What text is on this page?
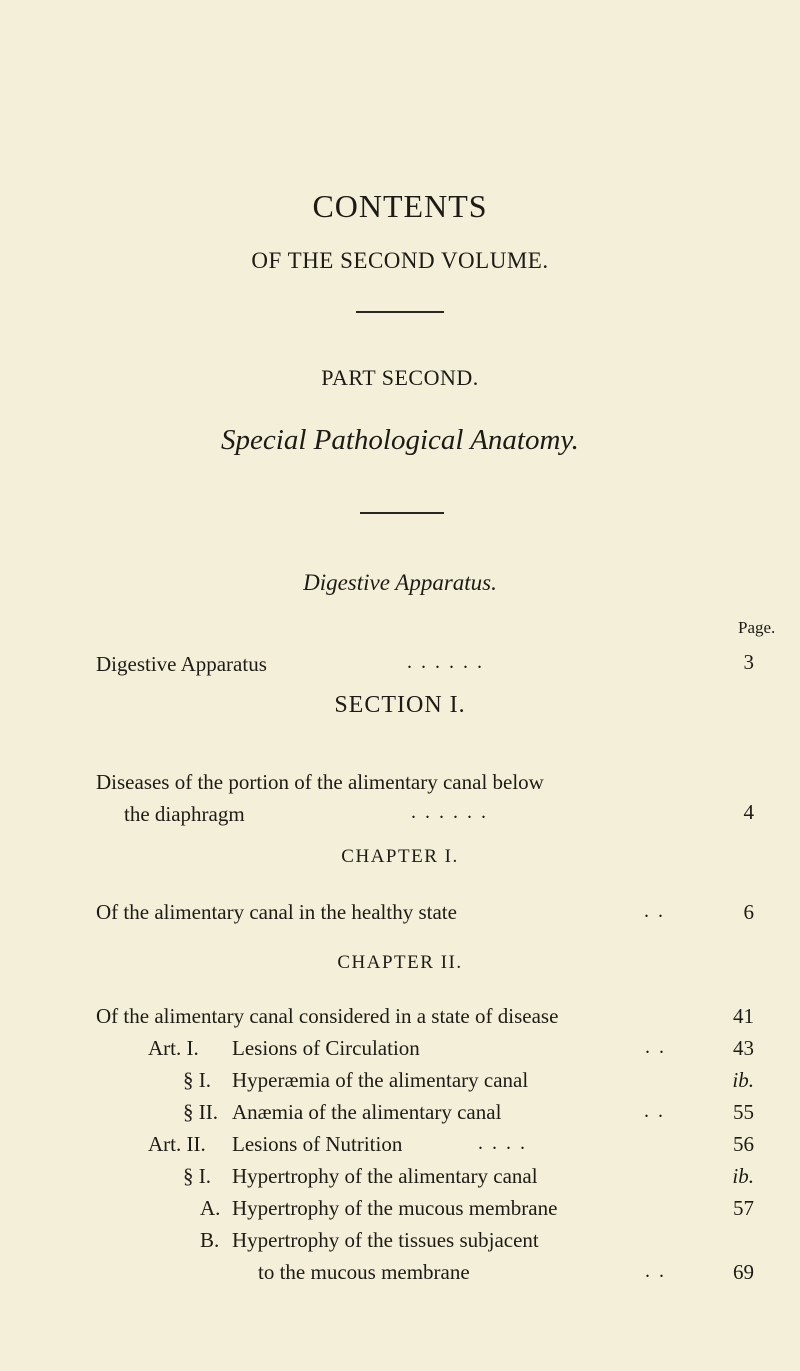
CONTENTS
OF THE SECOND VOLUME.
PART SECOND.
Special Pathological Anatomy.
Digestive Apparatus.
Page.
Digestive Apparatus	. . . . . .	3
SECTION I.
Diseases of the portion of the alimentary canal below
the diaphragm	. . . . . .	4
CHAPTER I.
Of the alimentary canal in the healthy state	. .	6
CHAPTER II.
Of the alimentary canal considered in a state of disease	41
Art. I. Lesions of Circulation	. .	43
§ I. Hyperæmia of the alimentary canal	ib.
§ II. Anæmia of the alimentary canal	. .	55
Art. II. Lesions of Nutrition	. . . .	56
§ I. Hypertrophy of the alimentary canal	ib.
A. Hypertrophy of the mucous membrane	57
B. Hypertrophy of the tissues subjacent
to the mucous membrane	. .	69
